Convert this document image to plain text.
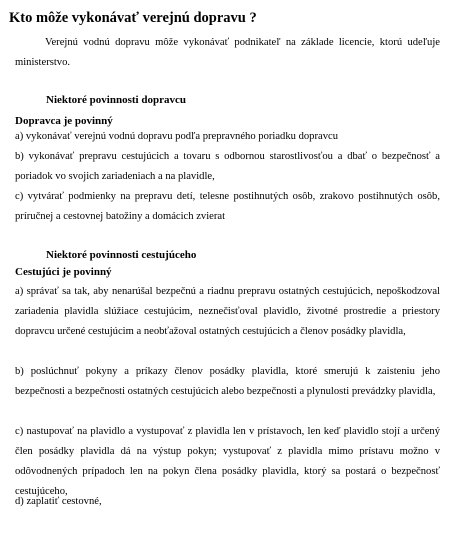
Kto môže vykonávať verejnú dopravu ?
Verejnú vodnú dopravu môže vykonávať podnikateľ na základe licencie, ktorú udeľuje ministerstvo.
Niektoré povinnosti dopravcu
Dopravca je povinný
a) vykonávať verejnú vodnú dopravu podľa prepravného poriadku dopravcu
b) vykonávať prepravu cestujúcich a tovaru s odbornou starostlivosťou a dbať o bezpečnosť a poriadok vo svojich zariadeniach a na plavidle,
c) vytvárať podmienky na prepravu detí, telesne postihnutých osôb, zrakovo postihnutých osôb, príručnej a cestovnej batožiny a domácich zvierat
Niektoré povinnosti cestujúceho
Cestujúci je povinný
a) správať sa tak, aby nenarúšal bezpečnú a riadnu prepravu ostatných cestujúcich, nepoškodzoval zariadenia plavidla slúžiace cestujúcim, neznečisťoval plavidlo, životné prostredie a priestory dopravcu určené cestujúcim a neobťažoval ostatných cestujúcich a členov posádky plavidla,
b) poslúchnuť pokyny a príkazy členov posádky plavidla, ktoré smerujú k zaisteniu jeho bezpečnosti a bezpečnosti ostatných cestujúcich alebo bezpečnosti a plynulosti prevádzky plavidla,
c) nastupovať na plavidlo a vystupovať z plavidla len v prístavoch, len keď plavidlo stojí a určený člen posádky plavidla dá na výstup pokyn; vystupovať z plavidla mimo prístavu možno v odôvodnených prípadoch len na pokyn člena posádky plavidla, ktorý sa postará o bezpečnosť cestujúceho,
d) zaplatiť cestovné,
